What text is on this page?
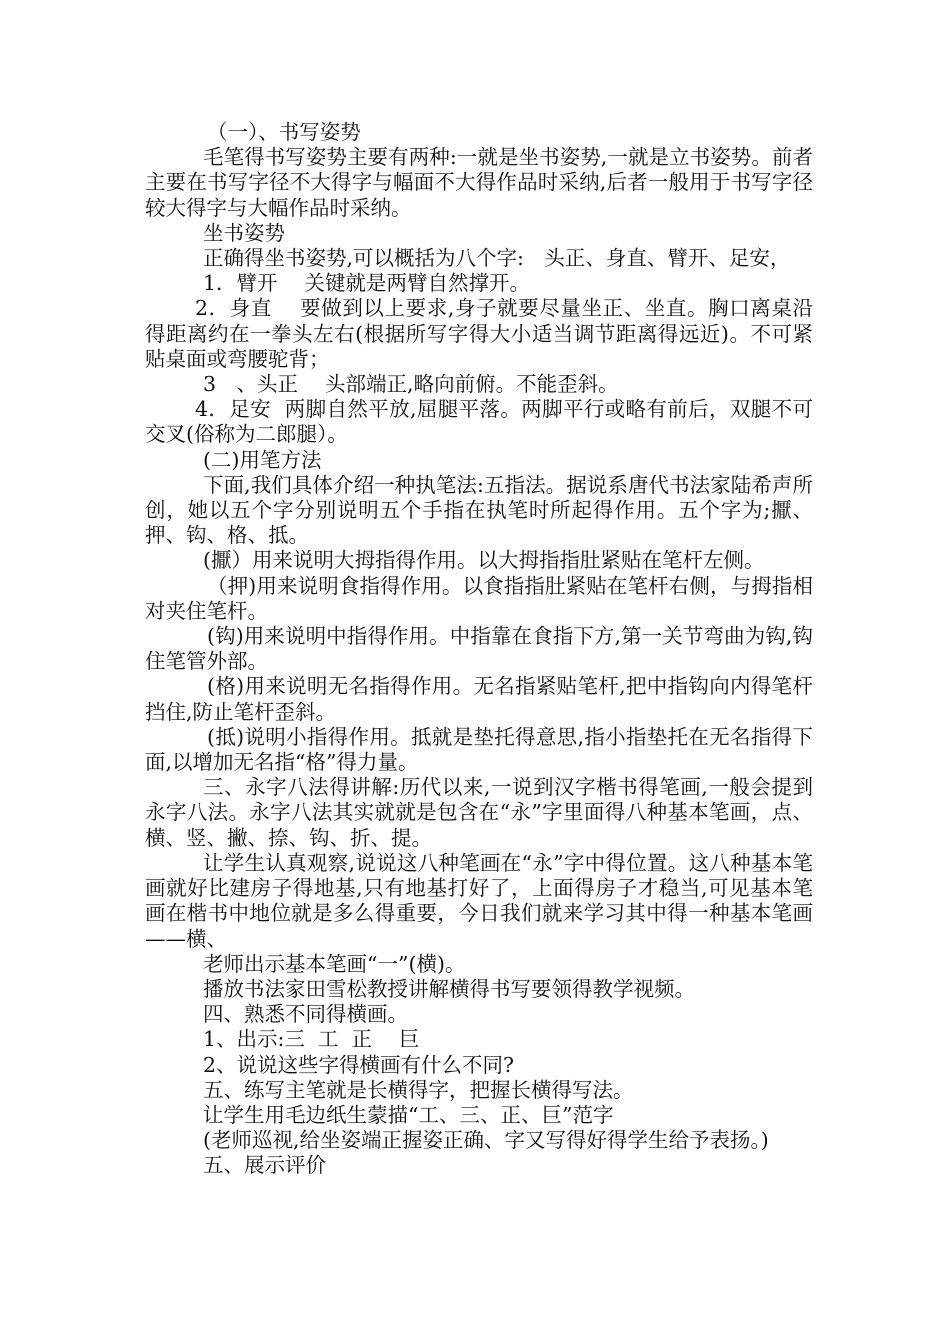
（一）、书写姿势

毛笔得书写姿势主要有两种:一就是坐书姿势,一就是立书姿势。前者主要在书写字径不大得字与幅面不大得作品时采纳,后者一般用于书写字径较大得字与大幅作品时采纳。

坐书姿势

正确得坐书姿势,可以概括为八个字:　头正、身直、臂开、足安，

1．臂开　 关键就是两臂自然撑开。

2．身直　 要做到以上要求,身子就要尽量坐正、坐直。胸口离桌沿得距离约在一拳头左右(根据所写字得大小适当调节距离得远近)。不可紧贴桌面或弯腰驼背；

3　、头正　 头部端正,略向前俯。不能歪斜。

4．足安  两脚自然平放,屈腿平落。两脚平行或略有前后，双腿不可交叉(俗称为二郎腿）。

(二)用笔方法

下面,我们具体介绍一种执笔法:五指法。据说系唐代书法家陆希声所创，她以五个字分别说明五个手指在执笔时所起得作用。五个字为;擫、押、钩、格、抵。

(擫）用来说明大拇指得作用。以大拇指指肚紧贴在笔杆左侧。

（押)用来说明食指得作用。以食指指肚紧贴在笔杆右侧，与拇指相对夹住笔杆。

(钩)用来说明中指得作用。中指靠在食指下方,第一关节弯曲为钩,钩住笔管外部。

(格)用来说明无名指得作用。无名指紧贴笔杆,把中指钩向内得笔杆挡住,防止笔杆歪斜。

(抵)说明小指得作用。抵就是垫托得意思,指小指垫托在无名指得下面,以增加无名指“格”得力量。

三、永字八法得讲解:历代以来,一说到汉字楷书得笔画,一般会提到永字八法。永字八法其实就就是包含在“永”字里面得八种基本笔画，点、横、竖、撇、捺、钩、折、提。

让学生认真观察,说说这八种笔画在“永”字中得位置。这八种基本笔画就好比建房子得地基,只有地基打好了，上面得房子才稳当,可见基本笔画在楷书中地位就是多么得重要，今日我们就来学习其中得一种基本笔画——横、

老师出示基本笔画“一”(横)。

播放书法家田雪松教授讲解横得书写要领得教学视频。

四、熟悉不同得横画。

1、出示:三  工  正　 巨

2、说说这些字得横画有什么不同?

五、练写主笔就是长横得字，把握长横得写法。

让学生用毛边纸生蒙描“工、三、正、巨”范字

(老师巡视,给坐姿端正握姿正确、字又写得好得学生给予表扬。)

五、展示评价
